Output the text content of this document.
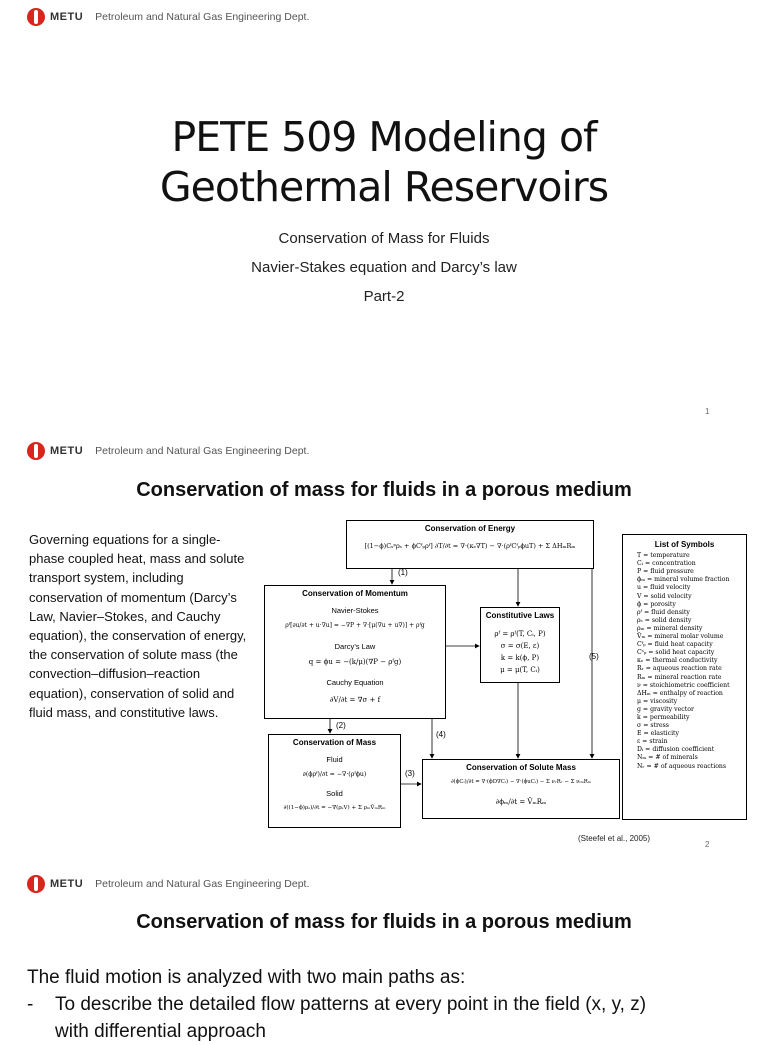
METU Petroleum and Natural Gas Engineering Dept.
PETE 509 Modeling of
Geothermal Reservoirs
Conservation of Mass for Fluids
Navier-Stakes equation and Darcy’s law
Part-2
1
METU Petroleum and Natural Gas Engineering Dept.
Conservation of mass for fluids in a porous medium
Governing equations for a single-phase coupled heat, mass and solute transport system, including conservation of momentum (Darcy’s Law, Navier–Stokes, and Cauchy equation), the conservation of energy, the conservation of solute mass (the convection–diffusion–reaction equation), conservation of solid and fluid mass, and constitutive laws.
Conservation of Energy
[(1−ϕ)Cₛᵖρₛ + ϕCᶠₚρᶠ] ∂T/∂t = ∇·(κₑ∇T) − ∇·(ρᶠCᶠₚϕuT) + Σ ΔHₘRₘ
Conservation of Momentum
Navier-Stokes
ρᶠ[∂u/∂t + u·∇u] = −∇P + ∇·[μ(∇u + u∇)] + ρᶠg
Darcy’s Law
q = ϕu = −(k/μ)(∇P − ρᶠg)
Cauchy Equation
∂V/∂t = ∇σ + f
Constitutive Laws
ρᶠ = ρᶠ(T, Cᵢ, P)
σ = σ(E, ε)
k = k(ϕ, P)
μ = μ(T, Cᵢ)
Conservation of Mass
Fluid
∂(ϕρᶠ)/∂t = −∇·(ρᶠϕu)
Solid
∂((1−ϕ)ρₛ)/∂t = −∇(ρₛV) + Σ ρₘV̄ₘRₘ
Conservation of Solute Mass
∂(ϕCᵢ)/∂t = ∇·(ϕD∇Cᵢ) − ∇·(ϕuCᵢ) − Σ νᵣRᵣ − Σ νᵢₘRₘ
∂ϕₘ/∂t = V̄ₘRₘ
(1)
(2)
(3)
(4)
(5)
List of Symbols
T = temperature
Cᵢ = concentration
P = fluid pressure
ϕₘ = mineral volume fraction
u = fluid velocity
V = solid velocity
ϕ = porosity
ρᶠ = fluid density
ρₛ = solid density
ρₘ = mineral density
V̄ₘ = mineral molar volume
Cᶠₚ = fluid heat capacity
Cˢₚ = solid heat capacity
κₑ = thermal conductivity
Rᵣ = aqueous reaction rate
Rₘ = mineral reaction rate
ν = stoichiometric coefficient
ΔHₘ = enthalpy of reaction
μ = viscosity
g = gravity vector
k = permeability
σ = stress
E = elasticity
ε = strain
Dᵢ = diffusion coefficient
Nₘ = # of minerals
Nᵣ = # of aqueous reactions
(Steefel et al., 2005)
2
METU Petroleum and Natural Gas Engineering Dept.
Conservation of mass for fluids in a porous medium
The fluid motion is analyzed with two main paths as:
-	To describe the detailed flow patterns at every point in the field (x, y, z)
with differential approach
